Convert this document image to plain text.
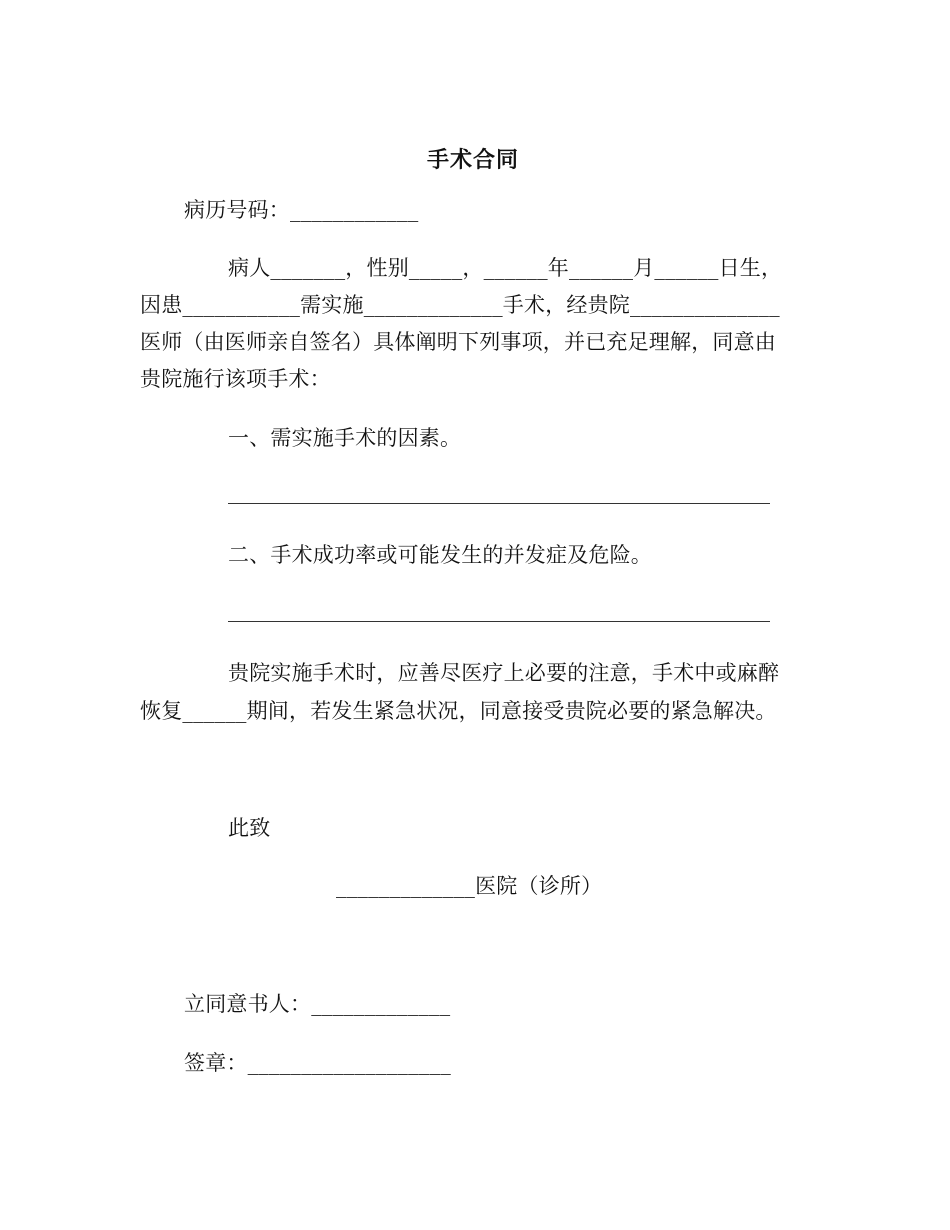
手术合同
病历号码：____________
病人_______，性别_____，______年______月______日生，
因患___________需实施_____________手术，经贵院______________
医师（由医师亲自签名）具体阐明下列事项，并已充足理解，同意由
贵院施行该项手术：
一、需实施手术的因素。
二、手术成功率或可能发生的并发症及危险。
贵院实施手术时，应善尽医疗上必要的注意，手术中或麻醉
恢复______期间，若发生紧急状况，同意接受贵院必要的紧急解决。
此致
_____________医院（诊所）
立同意书人：_____________
签章：___________________
